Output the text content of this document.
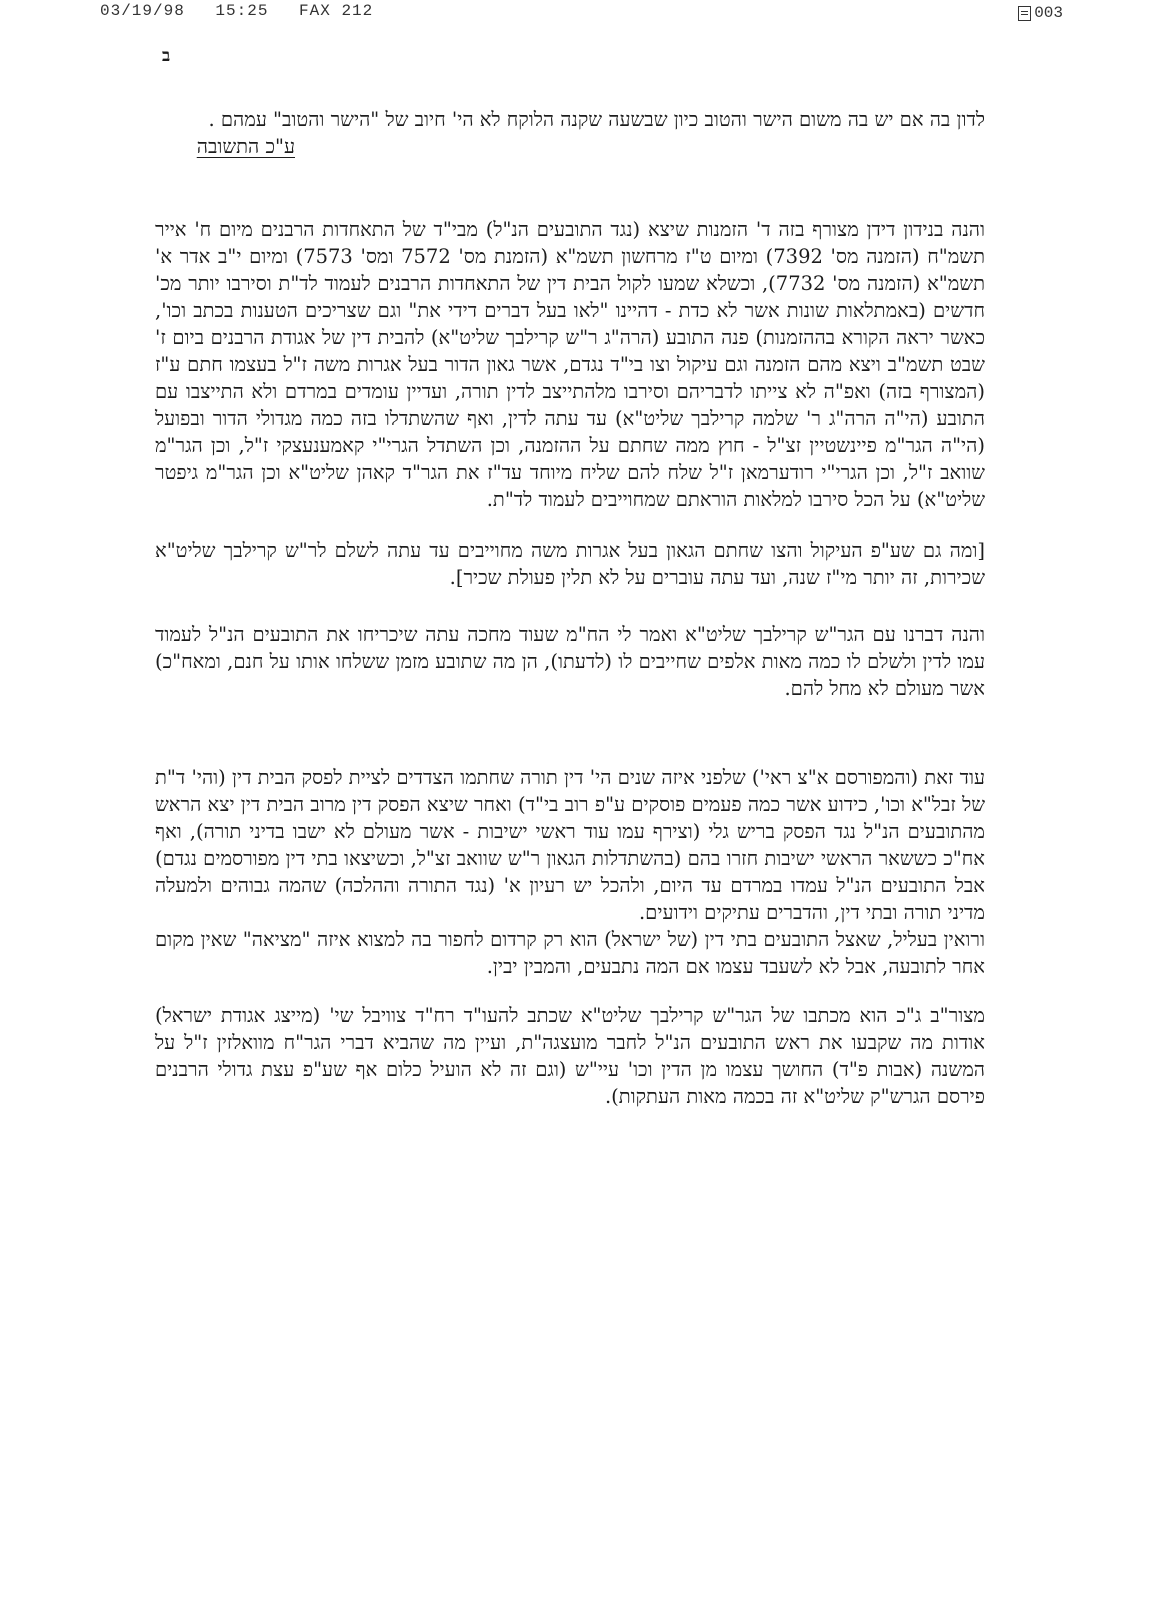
03/19/98 15:25 FAX 212	003
ב

לדון בה אם יש בה משום הישר והטוב כיון שבשעה שקנה הלוקח לא הי' חיוב של "הישר והטוב" עמהם .

ע"כ התשובה

והנה בנידון דידן מצורף בזה ד' הזמנות שיצא (נגד התובעים הנ"ל) מבי"ד של התאחדות הרבנים מיום ח' אייר תשמ"ח (הזמנה מס' 7392) ומיום ט"ז מרחשון תשמ"א (הזמנת מס' 7572 ומס' 7573) ומיום י"ב אדר א' תשמ"א (הזמנה מס' 7732), וכשלא שמעו לקול הבית דין של התאחדות הרבנים לעמוד לד"ת וסירבו יותר מכ' חדשים (באמתלאות שונות אשר לא כדת - דהיינו "לאו בעל דברים דידי את" וגם שצריכים הטענות בכתב וכו', כאשר יראה הקורא בההזמנות) פנה התובע (הרה"ג ר"ש קרילבך שליט"א) להבית דין של אגודת הרבנים ביום ז' שבט תשמ"ב ויצא מהם הזמנה וגם עיקול וצו בי"ד נגדם, אשר גאון הדור בעל אגרות משה ז"ל בעצמו חתם ע"ז (המצורף בזה) ואפ"ה לא צייתו לדבריהם וסירבו מלהתייצב לדין תורה, ועדיין עומדים במרדם ולא התייצבו עם התובע (הי"ה הרה"ג ר' שלמה קרילבך שליט"א) עד עתה לדין, ואף שהשתדלו בזה כמה מגדולי הדור ובפועל (הי"ה הגר"מ פיינשטיין זצ"ל - חוץ ממה שחתם על ההזמנה, וכן השתדל הגרי"י קאמענעצקי ז"ל, וכן הגר"מ שוואב ז"ל, וכן הגרי"י רודערמאן ז"ל שלח להם שליח מיוחד עד"ז את הגר"ד קאהן שליט"א וכן הגר"מ גיפטר שליט"א) על הכל סירבו למלאות הוראתם שמחוייבים לעמוד לד"ת.

[ומה גם שע"פ העיקול והצו שחתם הגאון בעל אגרות משה מחוייבים עד עתה לשלם לר"ש קרילבך שליט"א שכירות, זה יותר מי"ז שנה, ועד עתה עוברים על לא תלין פעולת שכיר].

והנה דברנו עם הגר"ש קרילבך שליט"א ואמר לי הח"מ שעוד מחכה עתה שיכריחו את התובעים הנ"ל לעמוד עמו לדין ולשלם לו כמה מאות אלפים שחייבים לו (לדעתו), הן מה שתובע מזמן ששלחו אותו על חנם, ומאח"כ) אשר מעולם לא מחל להם.

עוד זאת (והמפורסם א"צ ראי') שלפני איזה שנים הי' דין תורה שחתמו הצדדים לציית לפסק הבית דין (והי' ד"ת של זבל"א וכו', כידוע אשר כמה פעמים פוסקים ע"פ רוב בי"ד) ואחר שיצא הפסק דין מרוב הבית דין יצא הראש מהתובעים הנ"ל נגד הפסק בריש גלי (וצירף עמו עוד ראשי ישיבות - אשר מעולם לא ישבו בדיני תורה), ואף אח"כ כששאר הראשי ישיבות חזרו בהם (בהשתדלות הגאון ר"ש שוואב זצ"ל, וכשיצאו בתי דין מפורסמים נגדם) אבל התובעים הנ"ל עמדו במרדם עד היום, ולהכל יש רעיון א' (נגד התורה וההלכה) שהמה גבוהים ולמעלה מדיני תורה ובתי דין, והדברים עתיקים וידועים.

ורואין בעליל, שאצל התובעים בתי דין (של ישראל) הוא רק קרדום לחפור בה למצוא איזה "מציאה" שאין מקום אחר לתובעה, אבל לא לשעבד עצמו אם המה נתבעים, והמבין יבין.

מצור"ב ג"כ הוא מכתבו של הגר"ש קרילבך שליט"א שכתב להעו"ד רח"ד צוויבל שי' (מייצג אגודת ישראל) אודות מה שקבעו את ראש התובעים הנ"ל לחבר מועצגה"ת, ועיין מה שהביא דברי הגר"ח מוואלזין ז"ל על המשנה (אבות פ"ד) החושך עצמו מן הדין וכו' עיי"ש (וגם זה לא הועיל כלום אף שע"פ עצת גדולי הרבנים פירסם הגרש"ק שליט"א זה בכמה מאות העתקות).
